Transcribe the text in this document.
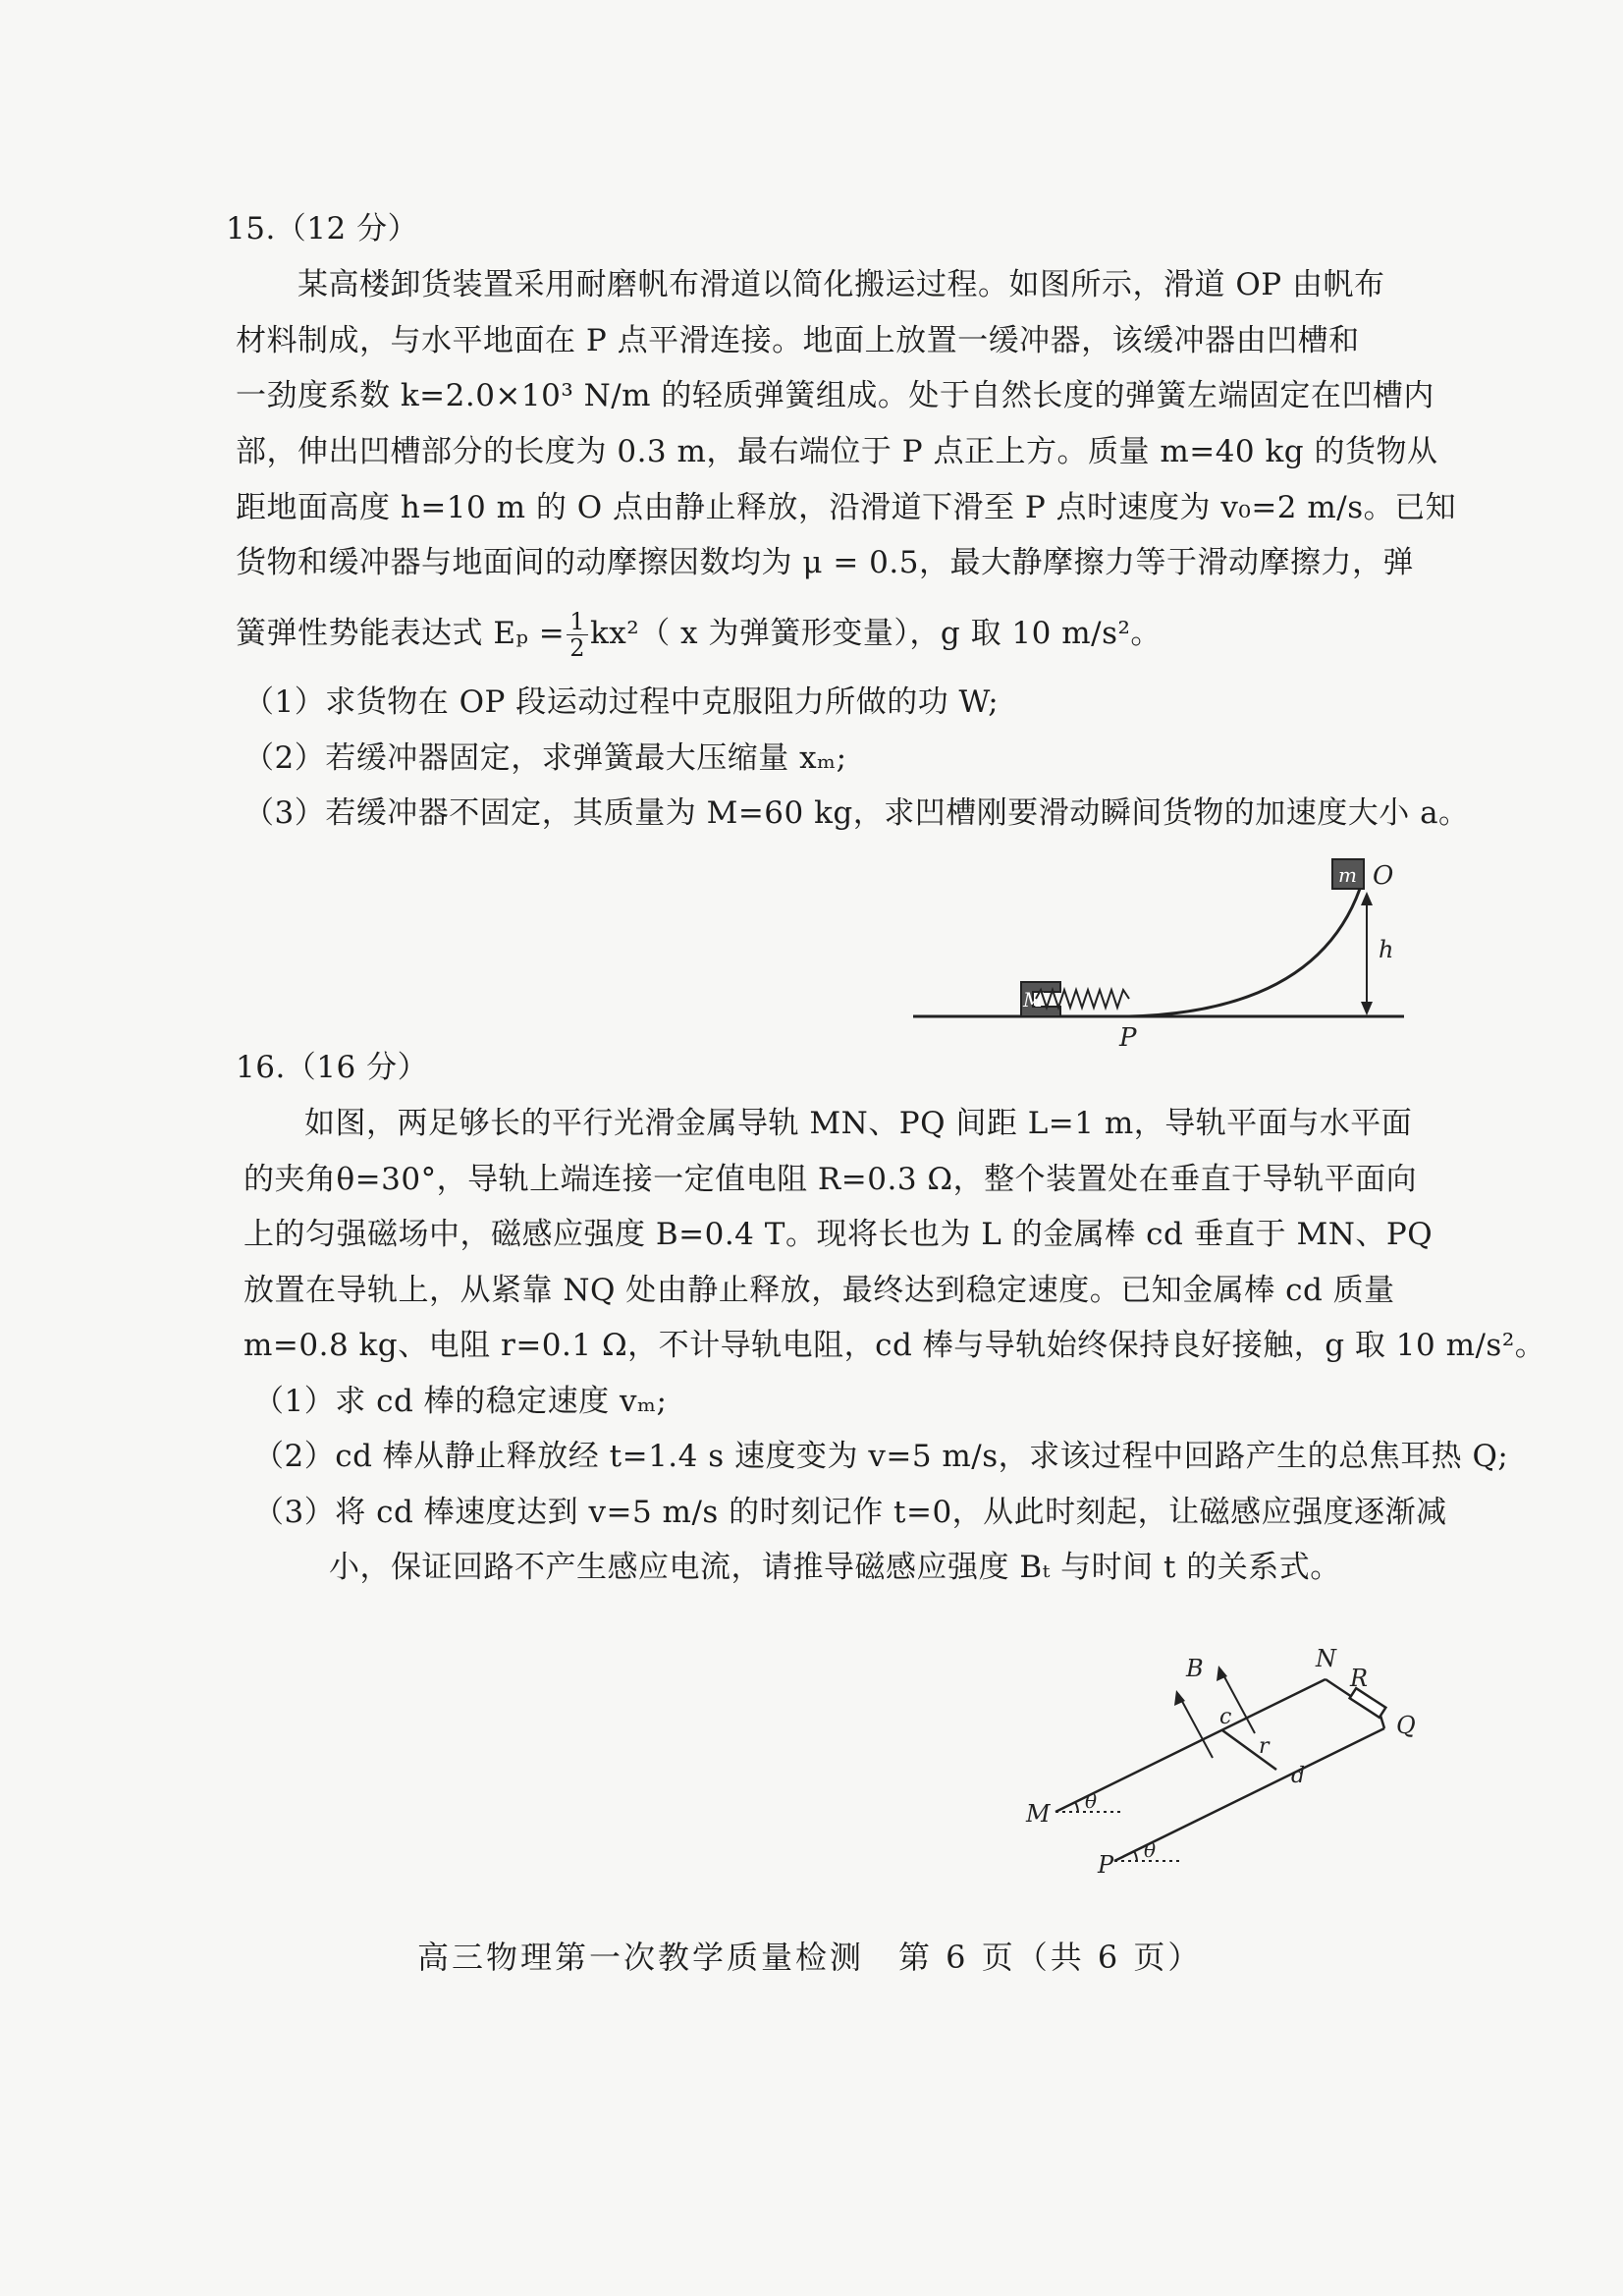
15.（12 分）
某高楼卸货装置采用耐磨帆布滑道以简化搬运过程。如图所示，滑道 OP 由帆布
材料制成，与水平地面在 P 点平滑连接。地面上放置一缓冲器，该缓冲器由凹槽和
一劲度系数 k=2.0×10³ N/m 的轻质弹簧组成。处于自然长度的弹簧左端固定在凹槽内
部，伸出凹槽部分的长度为 0.3 m，最右端位于 P 点正上方。质量 m=40 kg 的货物从
距地面高度 h=10 m 的 O 点由静止释放，沿滑道下滑至 P 点时速度为 v₀=2 m/s。已知
货物和缓冲器与地面间的动摩擦因数均为 μ = 0.5，最大静摩擦力等于滑动摩擦力，弹
簧弹性势能表达式 $E_p = \frac{1}{2} kx^2$（ x 为弹簧形变量），g 取 10 m/s²。
（1）求货物在 OP 段运动过程中克服阻力所做的功 W;
（2）若缓冲器固定，求弹簧最大压缩量 xₘ;
（3）若缓冲器不固定，其质量为 M=60 kg，求凹槽刚要滑动瞬间货物的加速度大小 a。
m O
h
M
P
16.（16 分）
如图，两足够长的平行光滑金属导轨 MN、PQ 间距 L=1 m，导轨平面与水平面
的夹角θ=30°，导轨上端连接一定值电阻 R=0.3 Ω，整个装置处在垂直于导轨平面向
上的匀强磁场中，磁感应强度 B=0.4 T。现将长也为 L 的金属棒 cd 垂直于 MN、PQ
放置在导轨上，从紧靠 NQ 处由静止释放，最终达到稳定速度。已知金属棒 cd 质量
m=0.8 kg、电阻 r=0.1 Ω，不计导轨电阻，cd 棒与导轨始终保持良好接触，g 取 10 m/s²。
（1）求 cd 棒的稳定速度 vₘ;
（2）cd 棒从静止释放经 t=1.4 s 速度变为 v=5 m/s，求该过程中回路产生的总焦耳热 Q;
（3）将 cd 棒速度达到 v=5 m/s 的时刻记作 t=0，从此时刻起，让磁感应强度逐渐减
小，保证回路不产生感应电流，请推导磁感应强度 Bₜ 与时间 t 的关系式。
B	N
R
Q
c
r
d
M
P
θ
θ
高三物理第一次教学质量检测　第 6 页（共 6 页）
